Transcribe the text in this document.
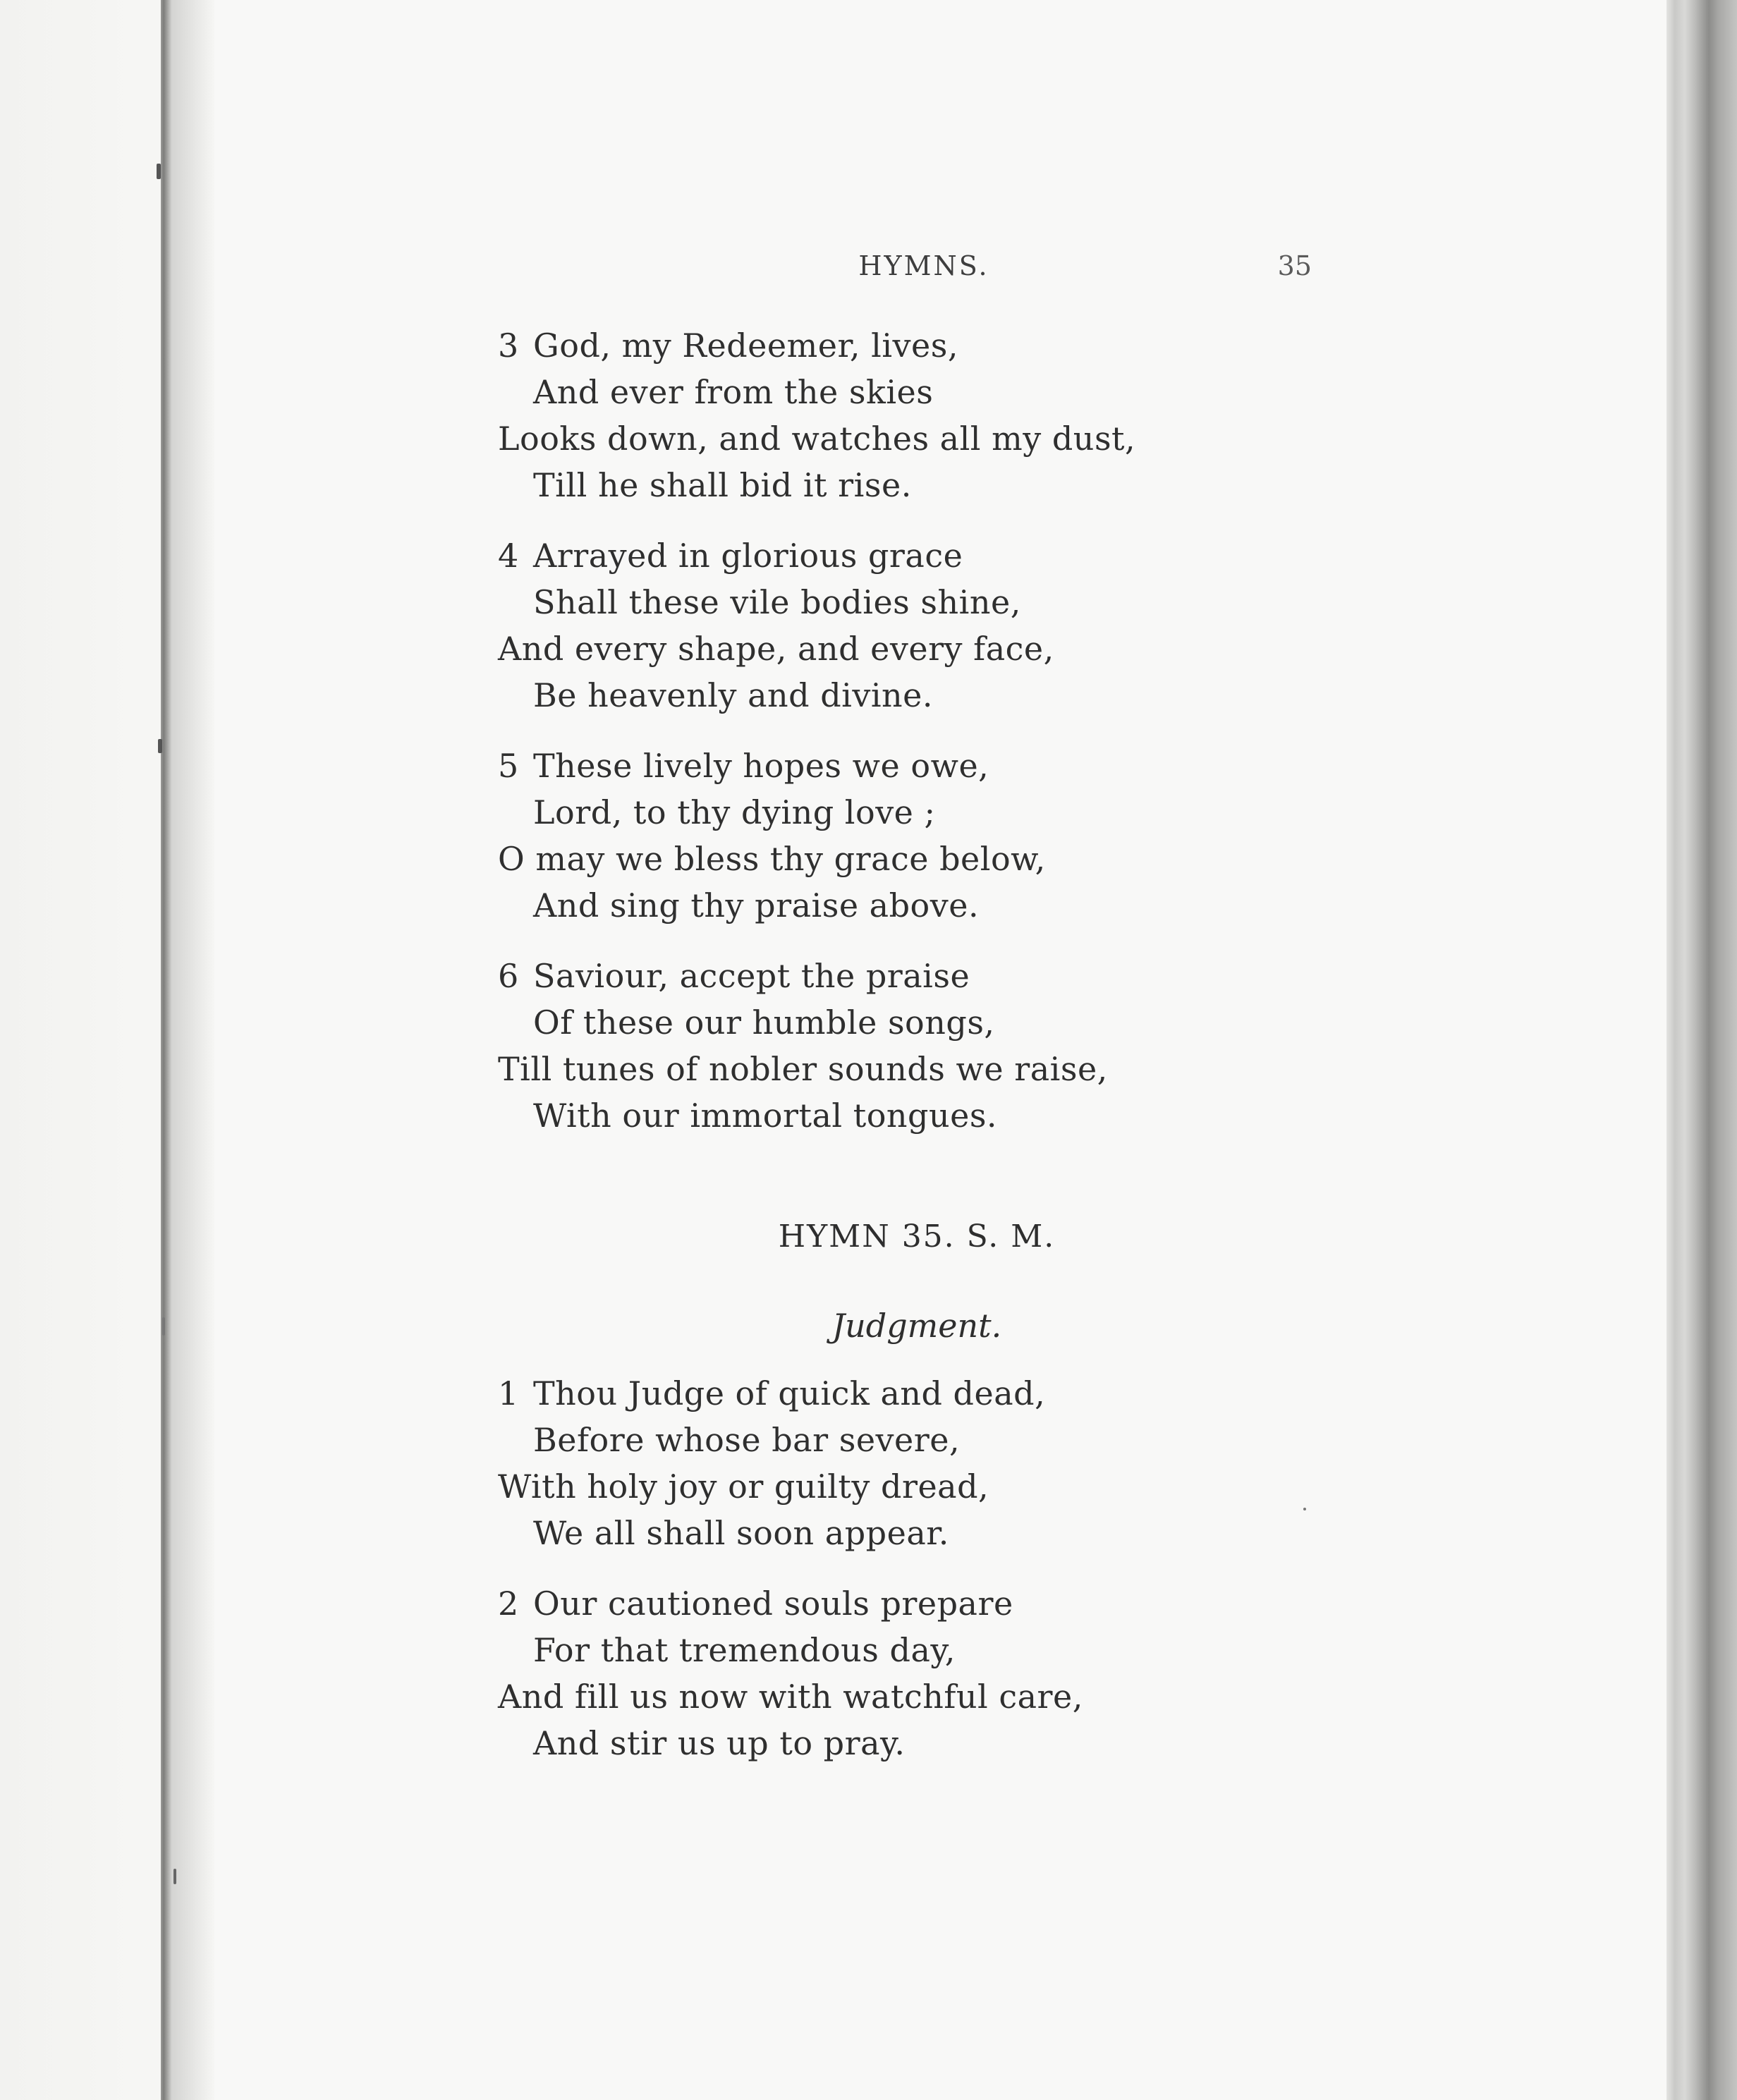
HYMNS.	35
3 God, my Redeemer, lives,
And ever from the skies
Looks down, and watches all my dust,
Till he shall bid it rise.
4 Arrayed in glorious grace
Shall these vile bodies shine,
And every shape, and every face,
Be heavenly and divine.
5 These lively hopes we owe,
Lord, to thy dying love ;
O may we bless thy grace below,
And sing thy praise above.
6 Saviour, accept the praise
Of these our humble songs,
Till tunes of nobler sounds we raise,
With our immortal tongues.
HYMN 35. S. M.
Judgment.
1 Thou Judge of quick and dead,
Before whose bar severe,
With holy joy or guilty dread,
We all shall soon appear.
2 Our cautioned souls prepare
For that tremendous day,
And fill us now with watchful care,
And stir us up to pray.
